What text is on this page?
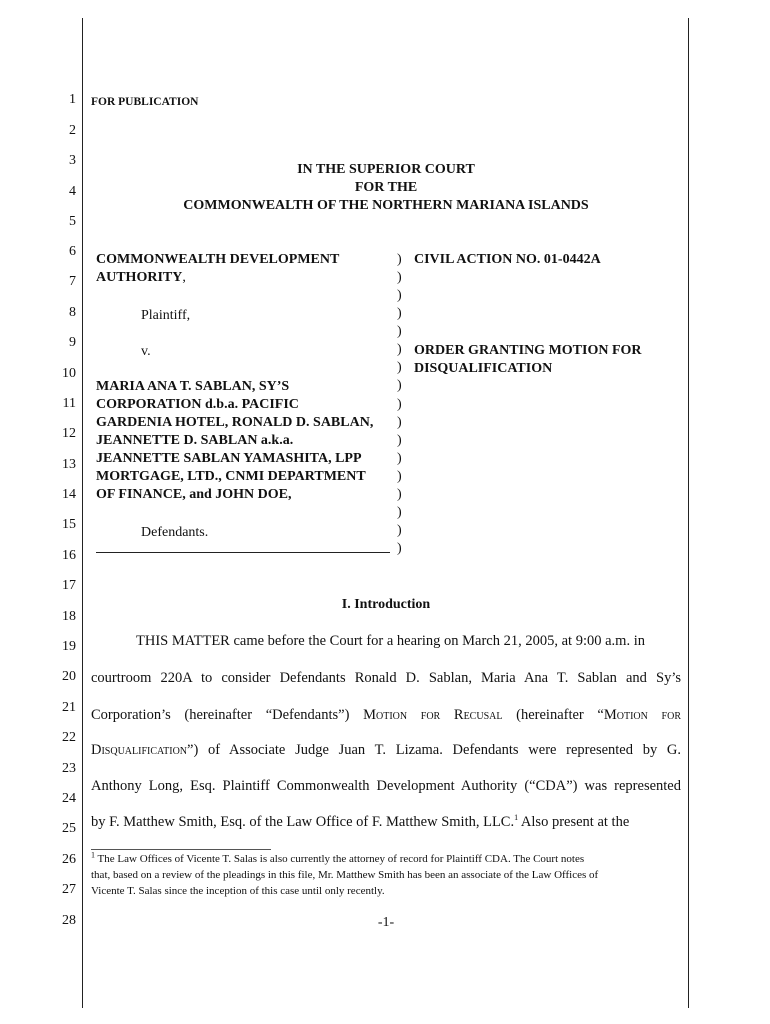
1
2
3
4
5
6
7
8
9
10
11
12
13
14
15
16
17
18
19
20
21
22
23
24
25
26
27
28
FOR PUBLICATION
IN THE SUPERIOR COURT
FOR THE
COMMONWEALTH OF THE NORTHERN MARIANA ISLANDS
COMMONWEALTH DEVELOPMENT
AUTHORITY,
Plaintiff,
v.
MARIA ANA T. SABLAN, SY’S
CORPORATION d.b.a. PACIFIC
GARDENIA HOTEL, RONALD D. SABLAN,
JEANNETTE D. SABLAN a.k.a.
JEANNETTE SABLAN YAMASHITA, LPP
MORTGAGE, LTD., CNMI DEPARTMENT
OF FINANCE, and JOHN DOE,
Defendants.
)
)
)
)
)
)
)
)
)
)
)
)
)
)
)
)
)
CIVIL ACTION NO. 01-0442A
ORDER GRANTING MOTION FOR
DISQUALIFICATION
I. Introduction
THIS MATTER came before the Court for a hearing on March 21, 2005, at 9:00 a.m. in
courtroom 220A to consider Defendants Ronald D. Sablan, Maria Ana T. Sablan and Sy’s
Corporation’s (hereinafter “Defendants”) Motion for Recusal (hereinafter “Motion for
Disqualification”) of Associate Judge Juan T. Lizama. Defendants were represented by G.
Anthony Long, Esq. Plaintiff Commonwealth Development Authority (“CDA”) was represented
by F. Matthew Smith, Esq. of the Law Office of F. Matthew Smith, LLC.$^1$ Also present at the
$^1$ The Law Offices of Vicente T. Salas is also currently the attorney of record for Plaintiff CDA. The Court notes
that, based on a review of the pleadings in this file, Mr. Matthew Smith has been an associate of the Law Offices of
Vicente T. Salas since the inception of this case until only recently.
-1-
